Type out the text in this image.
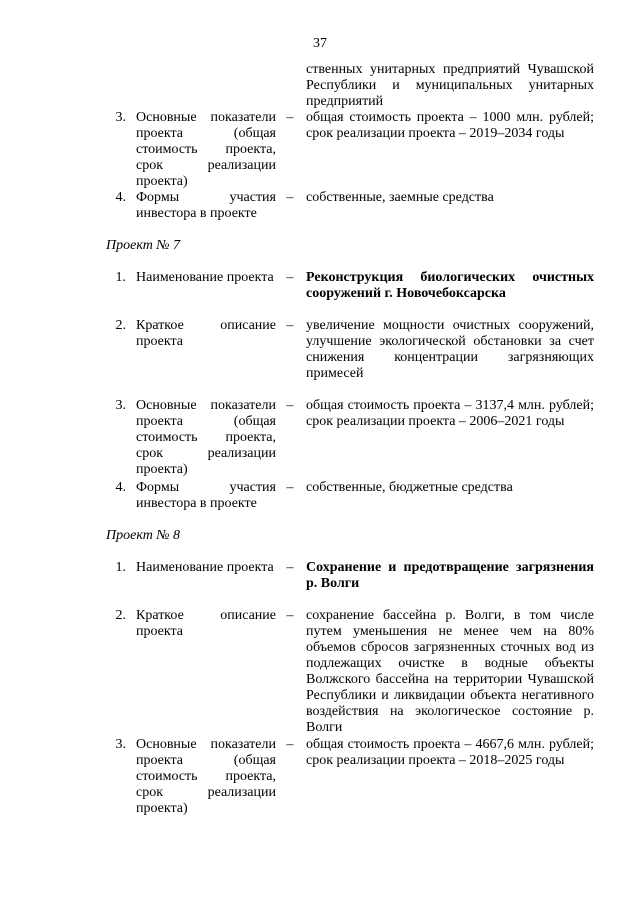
37
ственных унитарных предприятий Чувашской Республики и муниципальных унитарных предприятий
3. Основные показатели проекта (общая стоимость проекта, срок реализации проекта)
– общая стоимость проекта – 1000 млн. рублей; срок реализации проекта – 2019–2034 годы
4. Формы участия инвестора в проекте
– собственные, заемные средства
Проект № 7
1. Наименование проекта – Реконструкция биологических очистных сооружений г. Новочебоксарска
2. Краткое описание проекта
– увеличение мощности очистных сооружений, улучшение экологической обстановки за счет снижения концентрации загрязняющих примесей
3. Основные показатели проекта (общая стоимость проекта, срок реализации проекта)
– общая стоимость проекта – 3137,4 млн. рублей; срок реализации проекта – 2006–2021 годы
4. Формы участия инвестора в проекте
– собственные, бюджетные средства
Проект № 8
1. Наименование проекта – Сохранение и предотвращение загрязнения р. Волги
2. Краткое описание проекта
– сохранение бассейна р. Волги, в том числе путем уменьшения не менее чем на 80% объемов сбросов загрязненных сточных вод из подлежащих очистке в водные объекты Волжского бассейна на территории Чувашской Республики и ликвидации объекта негативного воздействия на экологическое состояние р. Волги
3. Основные показатели проекта (общая стоимость проекта, срок реализации проекта)
– общая стоимость проекта – 4667,6 млн. рублей; срок реализации проекта – 2018–2025 годы
